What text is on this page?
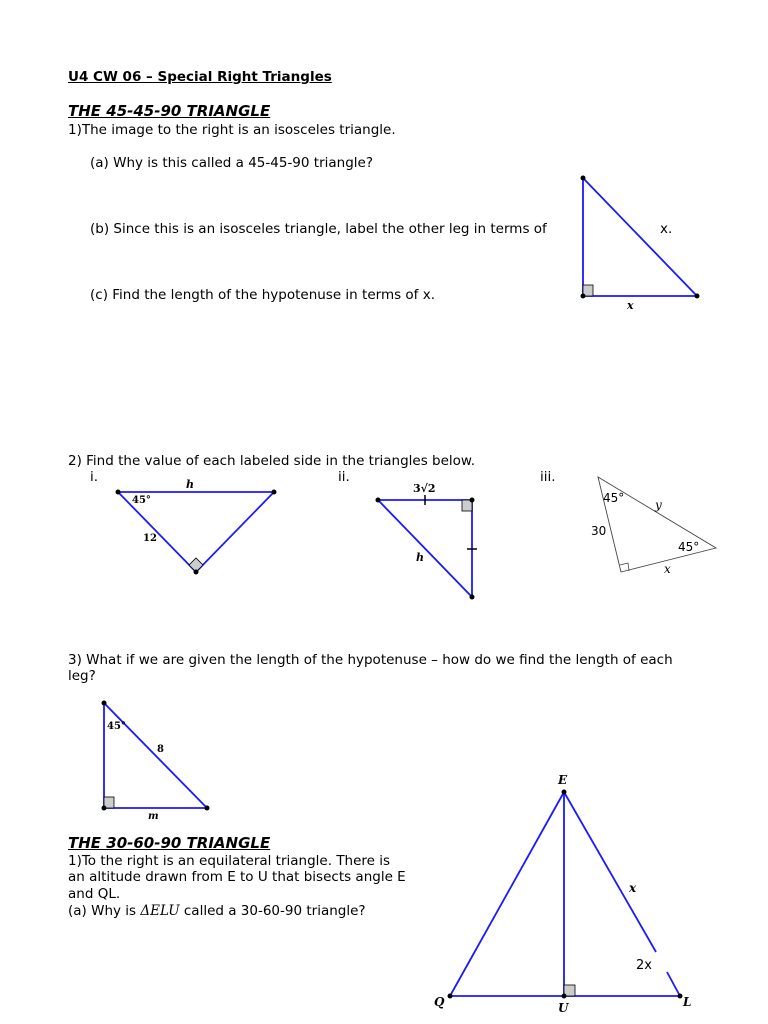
U4 CW 06 – Special Right Triangles
THE 45-45-90 TRIANGLE
1)The image to the right is an isosceles triangle.
(a) Why is this called a 45-45-90 triangle?
(b) Since this is an isosceles triangle, label the other leg in terms of	x.
(c) Find the length of the hypotenuse in terms of x.
2) Find the value of each labeled side in the triangles below.
i.	ii.	iii.
3) What if we are given the length of the hypotenuse – how do we find the length of each
leg?
THE 30-60-90 TRIANGLE
1)To the right is an equilateral triangle. There is
an altitude drawn from E to U that bisects angle E
and QL.
(a) Why is ΔELU called a 30-60-90 triangle?
x
h
45°
12
3√2
h
45°	y
30
45°
x
45°
8
m
E
Q	U	L
x
2x
